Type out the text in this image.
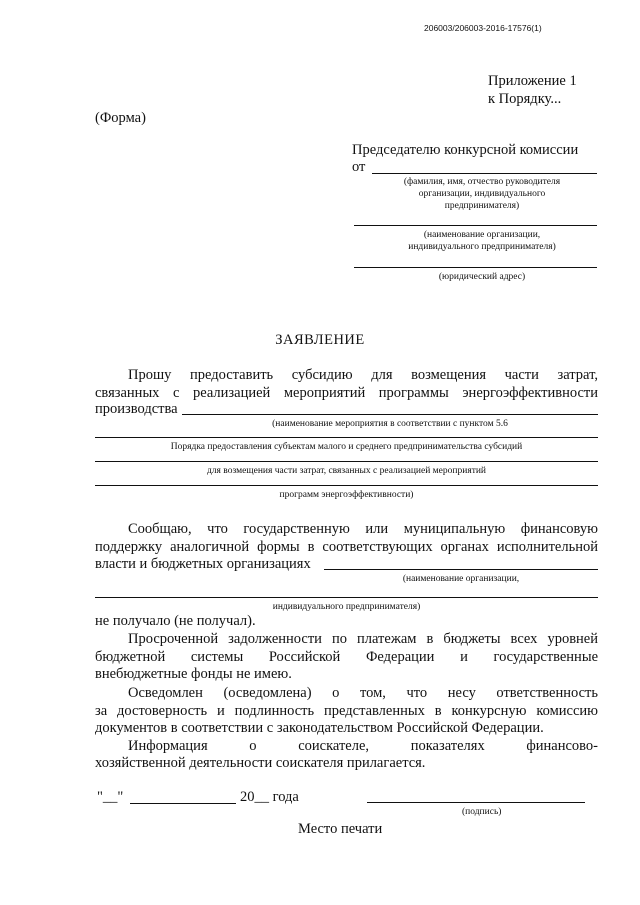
206003/206003-2016-17576(1)
Приложение 1
к Порядку...
(Форма)
Председателю конкурсной комиссии
от
(фамилия, имя, отчество руководителя
организации, индивидуального
предпринимателя)
(наименование организации,
индивидуального предпринимателя)
(юридический адрес)
ЗАЯВЛЕНИЕ
Прошу предоставить субсидию для возмещения части затрат,
связанных с реализацией мероприятий программы энергоэффективности
производства
(наименование мероприятия в соответствии с пунктом 5.6
Порядка предоставления субъектам малого и среднего предпринимательства субсидий
для возмещения части затрат, связанных с реализацией мероприятий
программ энергоэффективности)
Сообщаю, что государственную или муниципальную финансовую
поддержку аналогичной формы в соответствующих органах исполнительной
власти и бюджетных организациях
(наименование организации,
индивидуального предпринимателя)
не получало (не получал).
Просроченной задолженности по платежам в бюджеты всех уровней
бюджетной системы Российской Федерации и государственные
внебюджетные фонды не имею.
Осведомлен (осведомлена) о том, что несу ответственность
за достоверность и подлинность представленных в конкурсную комиссию
документов в соответствии с законодательством Российской Федерации.
Информация о соискателе, показателях финансово-
хозяйственной деятельности соискателя прилагается.
"__"	20__ года
(подпись)
Место печати
